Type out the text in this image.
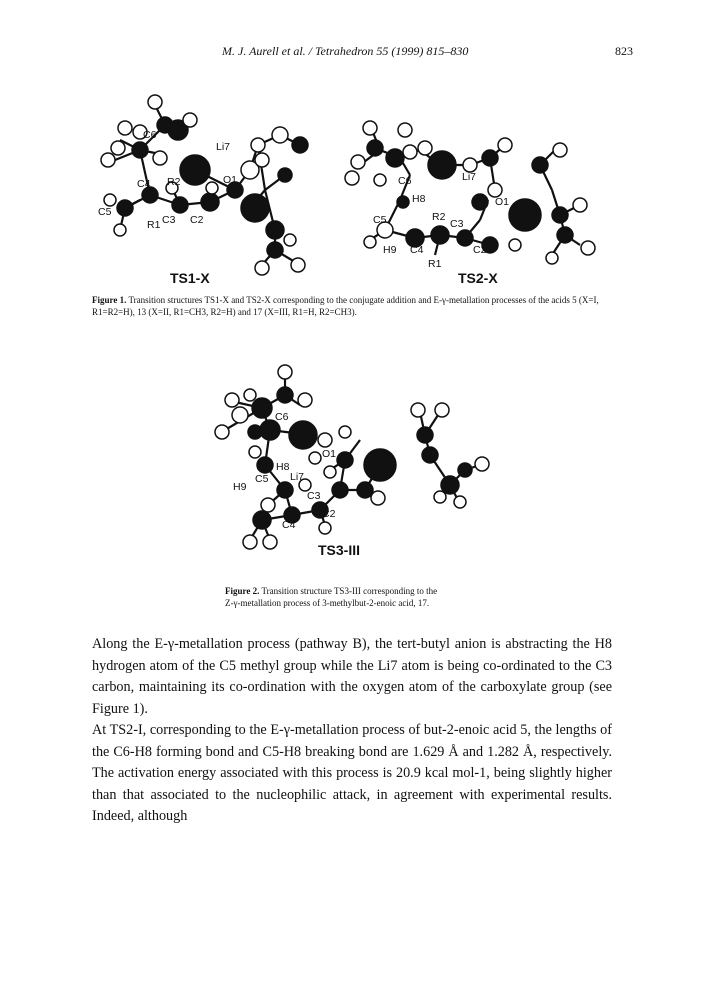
M. J. Aurell et al. / Tetrahedron 55 (1999) 815–830	823
C6
Li7
C4 R2	O1
C5
R1 C3 C2
TS1-X
C6	Li7
H8	O1
C5	R2
C3
H9 C4	C2
R1
TS2-X
Figure 1. Transition structures TS1-X and TS2-X corresponding to the conjugate addition and E-γ-metallation processes of the acids 5 (X=I, R1=R2=H), 13 (X=II, R1=CH3, R2=H) and 17 (X=III, R1=H, R2=CH3).
C6
O1
H8
Li7
C5
H9
C3
C2
C4
TS3-III
Figure 2. Transition structure TS3-III corresponding to the
Z-γ-metallation process of 3-methylbut-2-enoic acid, 17.

Along the E-γ-metallation process (pathway B), the tert-butyl anion is abstracting the H8 hydrogen atom of the C5 methyl group while the Li7 atom is being co-ordinated to the C3 carbon, maintaining its co-ordination with the oxygen atom of the carboxylate group (see Figure 1).

At TS2-I, corresponding to the E-γ-metallation process of but-2-enoic acid 5, the lengths of the C6-H8 forming bond and C5-H8 breaking bond are 1.629 Å and 1.282 Å, respectively. The activation energy associated with this process is 20.9 kcal mol-1, being slightly higher than that associated to the nucleophilic attack, in agreement with experimental results. Indeed, although
